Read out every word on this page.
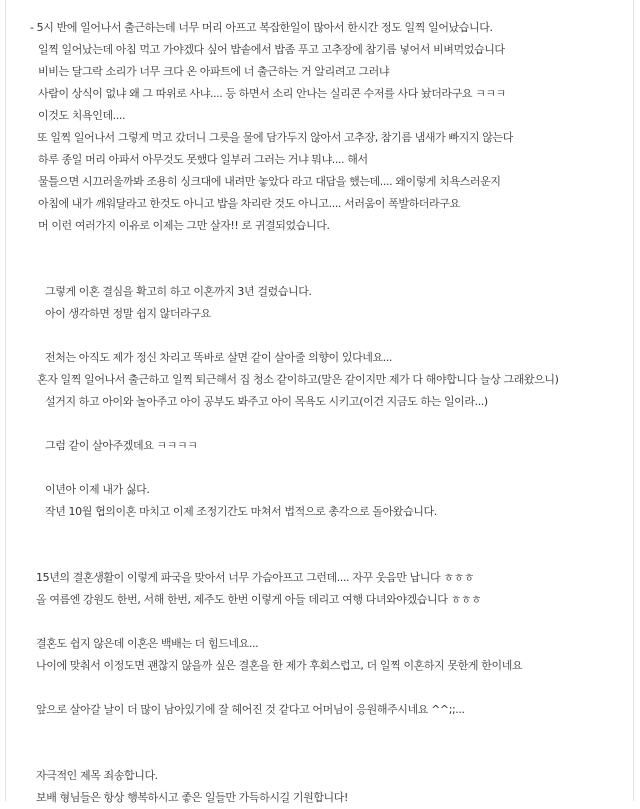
- 5시 반에 일어나서 출근하는데 너무 머리 아프고 복잡한일이 많아서 한시간 정도 일찍 일어났습니다.
일찍 일어났는데 아침 먹고 가야겠다 싶어 밥솥에서 밥좀 푸고 고추장에 참기름 넣어서 비벼먹었습니다
비비는 달그락 소리가 너무 크다 온 아파트에 너 출근하는 거 알리려고 그러냐
사람이 상식이 없냐 왜 그 따위로 사냐.... 등 하면서 소리 안나는 실리콘 수저를 사다 놨더라구요 ㅋㅋㅋ
이것도 치욕인데....
또 일찍 일어나서 그렇게 먹고 갔더니 그릇을 물에 담가두지 않아서 고추장, 참기름 냄새가 빠지지 않는다
하루 종일 머리 아파서 아무것도 못했다 일부러 그러는 거냐 뭐냐.... 해서
물틀으면 시끄러울까봐 조용히 싱크대에 내려만 놓았다 라고 대답을 했는데.... 왜이렇게 치욕스러운지
아침에 내가 깨워달라고 한것도 아니고 밥을 차리란 것도 아니고.... 서러움이 폭발하더라구요
머 이런 여러가지 이유로 이제는 그만 살자!! 로 귀결되었습니다.
그렇게 이혼 결심을 확고히 하고 이혼까지 3년 걸렸습니다.
아이 생각하면 정말 쉽지 않더라구요
전처는 아직도 제가 정신 차리고 똑바로 살면 같이 살아줄 의향이 있다네요...
혼자 일찍 일어나서 출근하고 일찍 퇴근해서 집 청소 같이하고(말은 같이지만 제가 다 해야합니다 늘상 그래왔으니)
설거지 하고 아이와 놀아주고 아이 공부도 봐주고 아이 목욕도 시키고(이건 지금도 하는 일이라...)
그럼 같이 살아주겠데요 ㅋㅋㅋㅋ
이년아 이제 내가 싫다.
작년 10월 협의이혼 마치고 이제 조정기간도 마쳐서 법적으로 총각으로 돌아왔습니다.
15년의 결혼생활이 이렇게 파국을 맞아서 너무 가슴아프고 그런데.... 자꾸 웃음만 납니다 ㅎㅎㅎ
올 여름엔 강원도 한번, 서해 한번, 제주도 한번 이렇게 아들 데리고 여행 다녀와야겠습니다 ㅎㅎㅎ
결혼도 쉽지 않은데 이혼은 백배는 더 힘드네요...
나이에 맞춰서 이정도면 괜찮지 않을까 싶은 결혼을 한 제가 후회스럽고, 더 일찍 이혼하지 못한게 한이네요
앞으로 살아갈 날이 더 많이 남아있기에 잘 헤어진 것 같다고 어머님이 응원해주시네요 ^^;;...
자극적인 제목 죄송합니다.
보배 형님들은 항상 행복하시고 좋은 일들만 가득하시길 기원합니다!
